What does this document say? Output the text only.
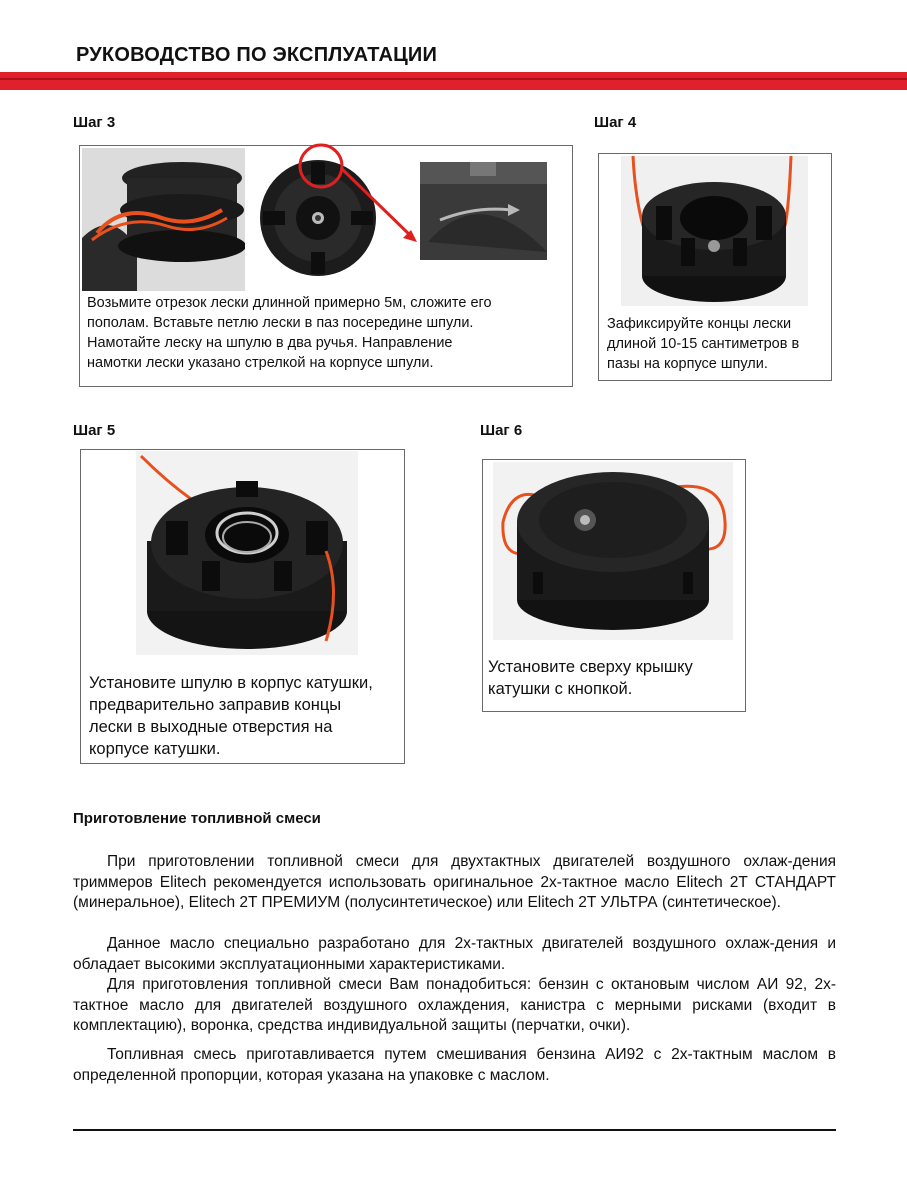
РУКОВОДСТВО ПО ЭКСПЛУАТАЦИИ
Шаг 3
Возьмите отрезок лески длинной примерно 5м, сложите его
пополам. Вставьте петлю лески в паз посередине шпули.
Намотайте леску на шпулю в два ручья. Направление
намотки лески указано стрелкой на корпусе шпули.
Шаг 4
Зафиксируйте концы лески
длиной 10-15 сантиметров в
пазы на корпусе шпули.
Шаг 5
Установите шпулю в корпус катушки,
предварительно заправив концы
лески в выходные отверстия на
корпусе катушки.
Шаг 6
Установите сверху крышку
катушки с кнопкой.
Приготовление топливной смеси
При приготовлении топливной смеси для двухтактных двигателей воздушного охлаж-дения триммеров Elitech рекомендуется использовать оригинальное 2х-тактное масло Elitech 2Т СТАНДАРТ (минеральное), Elitech 2T ПРЕМИУМ (полусинтетическое) или Elitech 2T УЛЬТРА (синтетическое).
Данное масло специально разработано для 2х-тактных двигателей воздушного охлаж-дения и обладает высокими эксплуатационными характеристиками.
Для приготовления топливной смеси Вам понадобиться: бензин с октановым числом АИ 92, 2х-тактное масло для двигателей воздушного охлаждения, канистра с мерными рисками (входит в комплектацию), воронка, средства индивидуальной защиты (перчатки, очки).
Топливная смесь приготавливается путем смешивания бензина АИ92 с 2х-тактным маслом в определенной пропорции, которая указана на упаковке с маслом.
